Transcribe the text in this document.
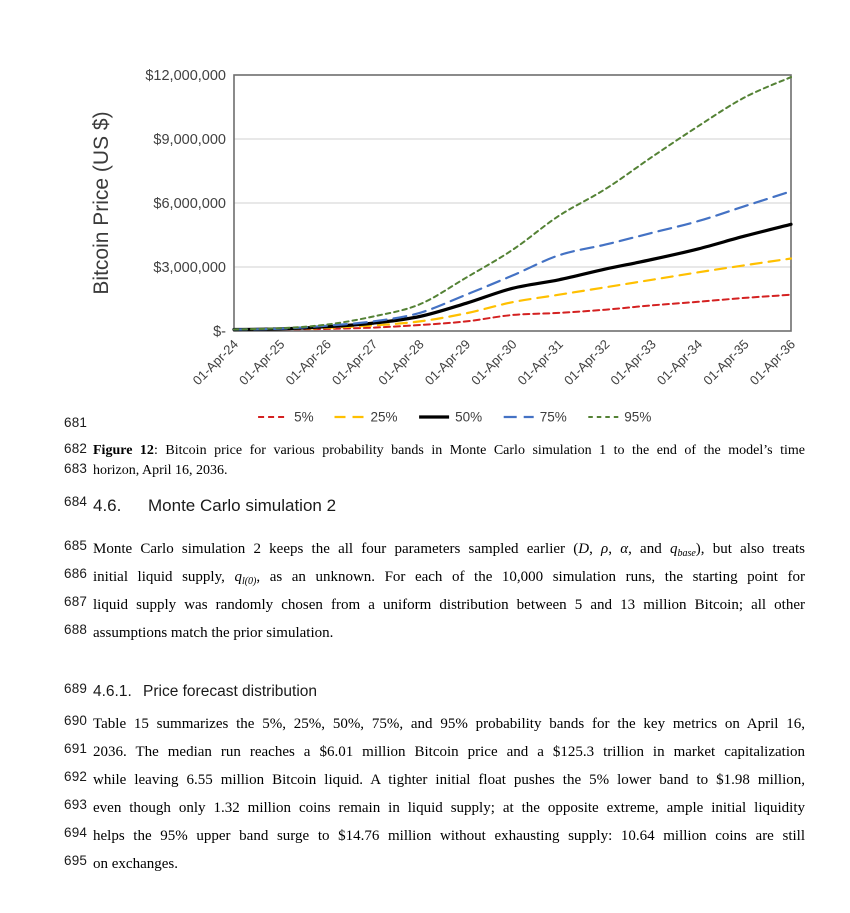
$-
$3,000,000
$6,000,000
$9,000,000
$12,000,000
01-Apr-24
01-Apr-25
01-Apr-26
01-Apr-27
01-Apr-28
01-Apr-29
01-Apr-30
01-Apr-31
01-Apr-32
01-Apr-33
01-Apr-34
01-Apr-35
01-Apr-36
5%	25%	50%	75%	95%
Bitcoin Price (US $)
681
682 Figure 12: Bitcoin price for various probability bands in Monte Carlo simulation 1 to the end of the model’s time
683 horizon, April 16, 2036.
684 4.6. Monte Carlo simulation 2
685 Monte Carlo simulation 2 keeps the all four parameters sampled earlier (D, ρ, α, and $q_{base}$), but also treats
686 initial liquid supply, $q_{l(0)}$, as an unknown. For each of the 10,000 simulation runs, the starting point for
687 liquid supply was randomly chosen from a uniform distribution between 5 and 13 million Bitcoin; all other
688 assumptions match the prior simulation.
689 4.6.1. Price forecast distribution
690 Table 15 summarizes the 5%, 25%, 50%, 75%, and 95% probability bands for the key metrics on April 16,
691 2036. The median run reaches a $6.01 million Bitcoin price and a $125.3 trillion in market capitalization
692 while leaving 6.55 million Bitcoin liquid. A tighter initial float pushes the 5% lower band to $1.98 million,
693 even though only 1.32 million coins remain in liquid supply; at the opposite extreme, ample initial liquidity
694 helps the 95% upper band surge to $14.76 million without exhausting supply: 10.64 million coins are still
695 on exchanges.
